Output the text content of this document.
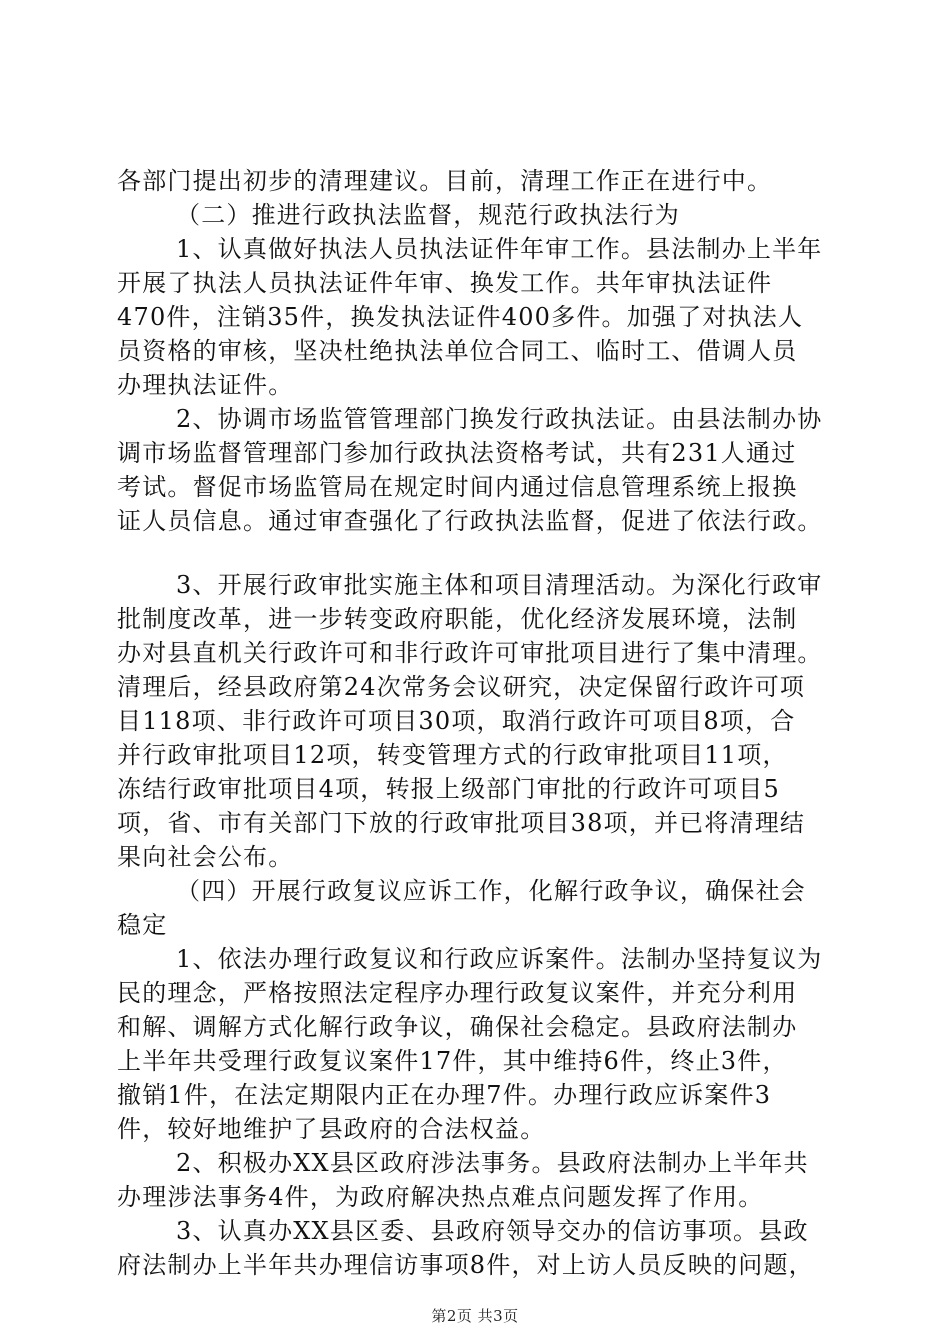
各部门提出初步的清理建议。目前，清理工作正在进行中。
（二）推进行政执法监督，规范行政执法行为
1、认真做好执法人员执法证件年审工作。县法制办上半年
开展了执法人员执法证件年审、换发工作。共年审执法证件
470件，注销35件，换发执法证件400多件。加强了对执法人
员资格的审核，坚决杜绝执法单位合同工、临时工、借调人员
办理执法证件。
2、协调市场监管管理部门换发行政执法证。由县法制办协
调市场监督管理部门参加行政执法资格考试，共有231人通过
考试。督促市场监管局在规定时间内通过信息管理系统上报换
证人员信息。通过审查强化了行政执法监督，促进了依法行政。
3、开展行政审批实施主体和项目清理活动。为深化行政审
批制度改革，进一步转变政府职能，优化经济发展环境，法制
办对县直机关行政许可和非行政许可审批项目进行了集中清理。
清理后，经县政府第24次常务会议研究，决定保留行政许可项
目118项、非行政许可项目30项，取消行政许可项目8项，合
并行政审批项目12项，转变管理方式的行政审批项目11项，
冻结行政审批项目4项，转报上级部门审批的行政许可项目5
项，省、市有关部门下放的行政审批项目38项，并已将清理结
果向社会公布。
（四）开展行政复议应诉工作，化解行政争议，确保社会
稳定
1、依法办理行政复议和行政应诉案件。法制办坚持复议为
民的理念，严格按照法定程序办理行政复议案件，并充分利用
和解、调解方式化解行政争议，确保社会稳定。县政府法制办
上半年共受理行政复议案件17件，其中维持6件，终止3件，
撤销1件，在法定期限内正在办理7件。办理行政应诉案件3
件，较好地维护了县政府的合法权益。
2、积极办XX县区政府涉法事务。县政府法制办上半年共
办理涉法事务4件，为政府解决热点难点问题发挥了作用。
3、认真办XX县区委、县政府领导交办的信访事项。县政
府法制办上半年共办理信访事项8件，对上访人员反映的问题，
第2页 共3页
